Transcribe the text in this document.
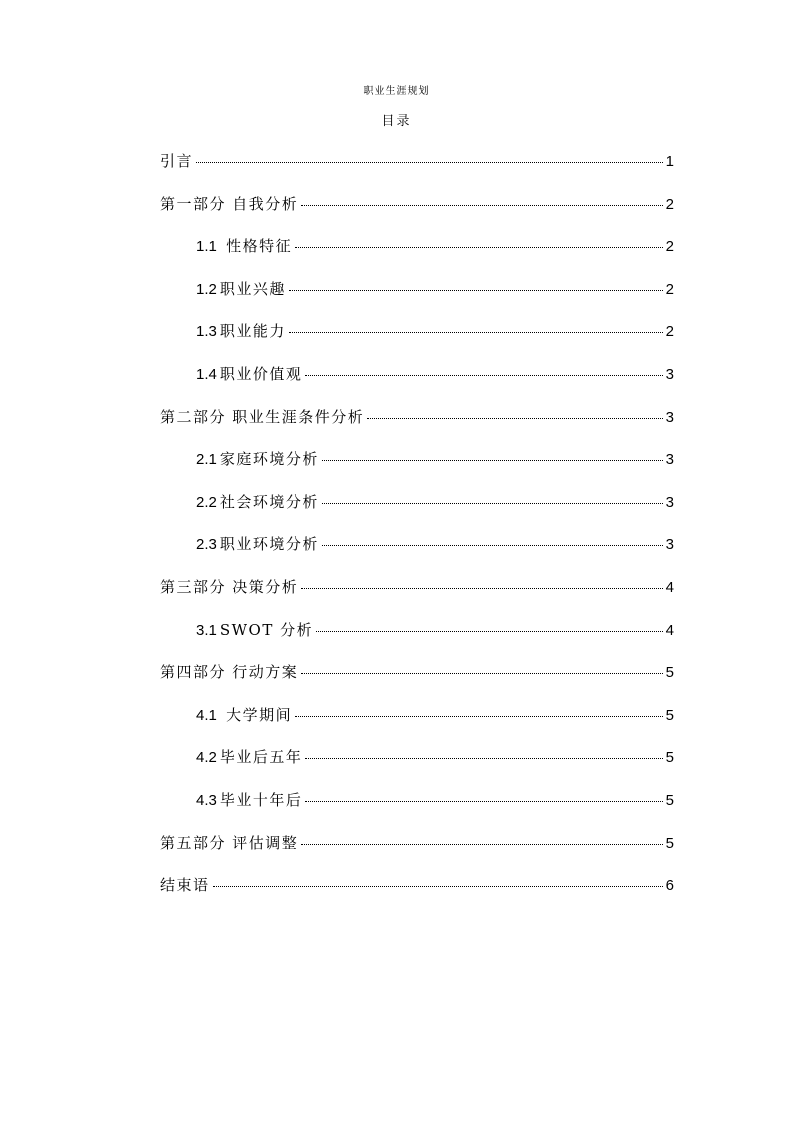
职业生涯规划
目录
引言	1
第一部分 自我分析	2
1.1 性格特征	2
1.2 职业兴趣	2
1.3 职业能力	2
1.4 职业价值观	3
第二部分 职业生涯条件分析	3
2.1 家庭环境分析	3
2.2 社会环境分析	3
2.3 职业环境分析	3
第三部分 决策分析	4
3.1 SWOT 分析	4
第四部分 行动方案	5
4.1 大学期间	5
4.2 毕业后五年	5
4.3 毕业十年后	5
第五部分 评估调整	5
结束语	6
